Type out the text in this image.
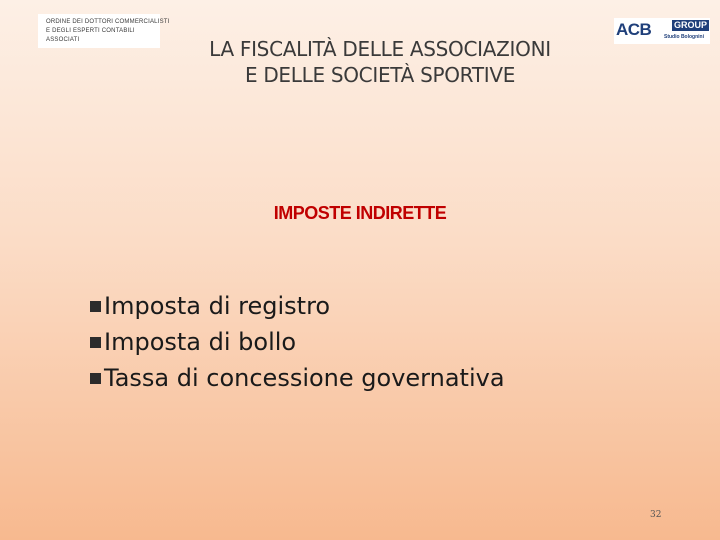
ORDINE DEI DOTTORI COMMERCIALISTI
E DEGLI ESPERTI CONTABILI
ASSOCIATI
ACB	GROUP
Studio Bolognini
LA FISCALITÀ DELLE ASSOCIAZIONI
E DELLE SOCIETÀ SPORTIVE
IMPOSTE INDIRETTE
Imposta di registro
Imposta di bollo
Tassa di concessione governativa
32
